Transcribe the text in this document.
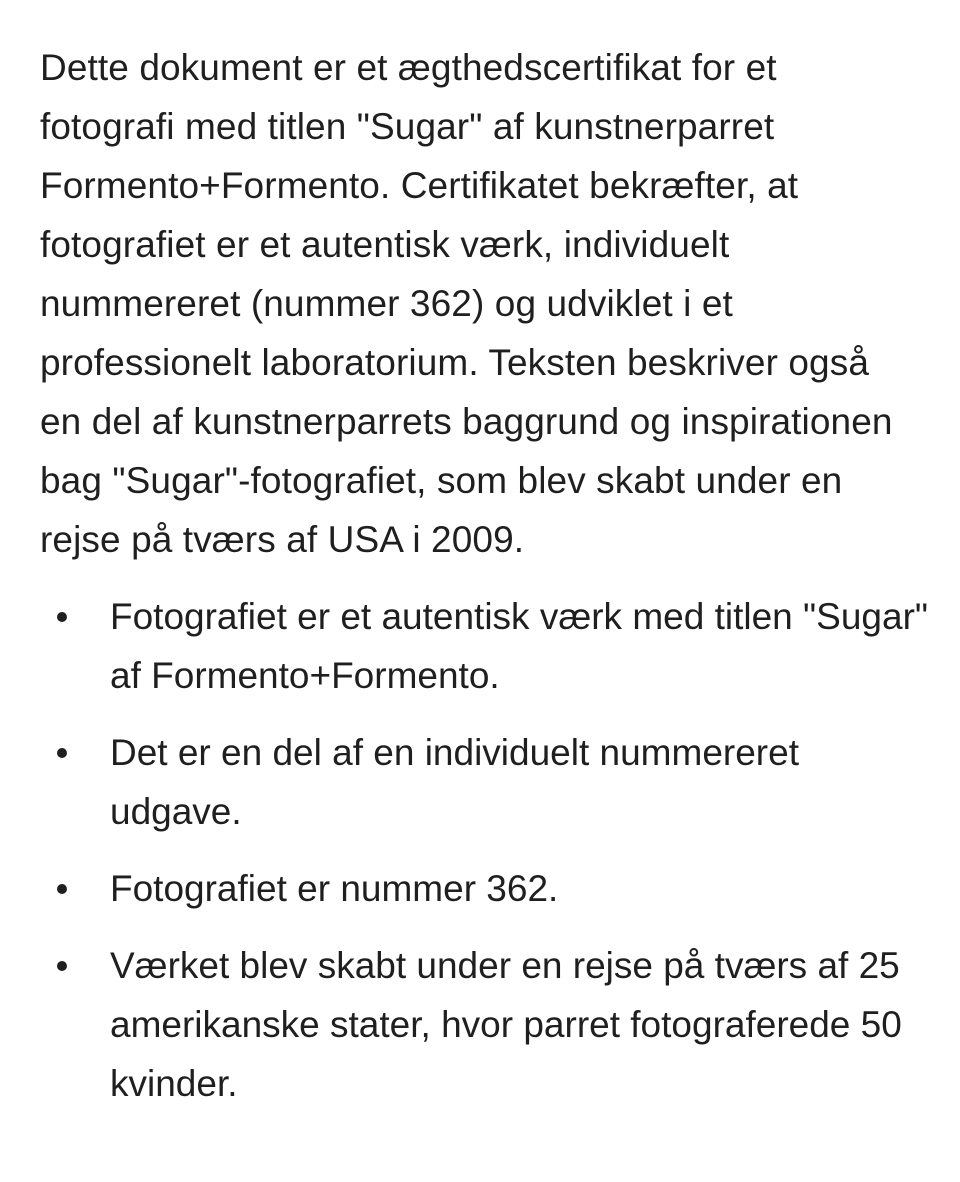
Dette dokument er et ægthedscertifikat for et fotografi med titlen "Sugar" af kunstnerparret Formento+Formento. Certifikatet bekræfter, at fotografiet er et autentisk værk, individuelt nummereret (nummer 362) og udviklet i et professionelt laboratorium. Teksten beskriver også en del af kunstnerparrets baggrund og inspirationen bag "Sugar"-fotografiet, som blev skabt under en rejse på tværs af USA i 2009.

Fotografiet er et autentisk værk med titlen "Sugar" af Formento+Formento.
Det er en del af en individuelt nummereret udgave.
Fotografiet er nummer 362.
Værket blev skabt under en rejse på tværs af 25 amerikanske stater, hvor parret fotograferede 50 kvinder.
